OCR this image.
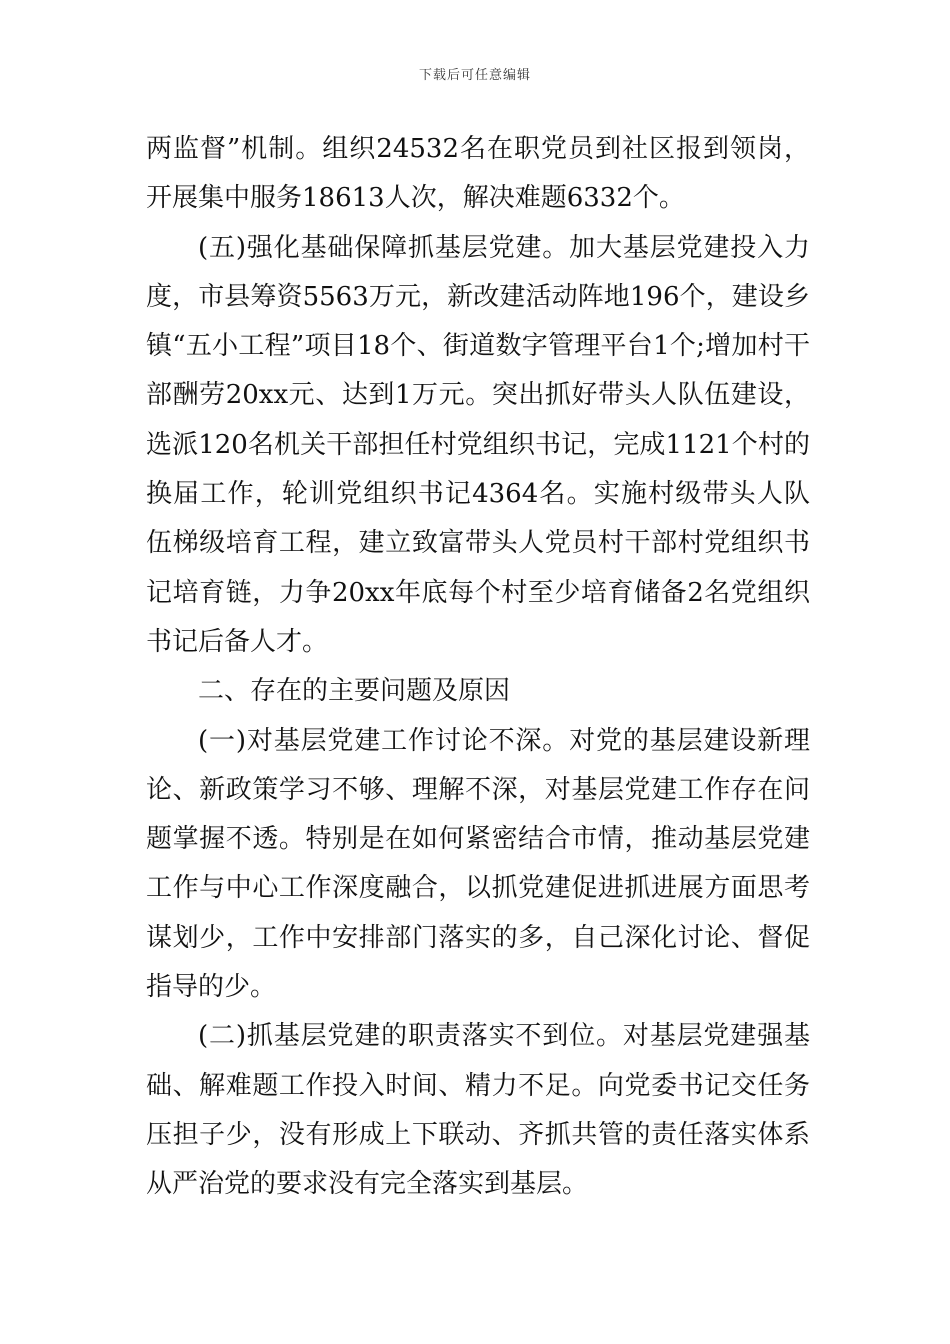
下载后可任意编辑

两监督”机制。组织24532名在职党员到社区报到领岗，开展集中服务18613人次，解决难题6332个。

(五)强化基础保障抓基层党建。加大基层党建投入力度，市县筹资5563万元，新改建活动阵地196个，建设乡镇“五小工程”项目18个、街道数字管理平台1个;增加村干部酬劳20xx元、达到1万元。突出抓好带头人队伍建设，选派120名机关干部担任村党组织书记，完成1121个村的换届工作，轮训党组织书记4364名。实施村级带头人队伍梯级培育工程，建立致富带头人党员村干部村党组织书记培育链，力争20xx年底每个村至少培育储备2名党组织书记后备人才。

二、存在的主要问题及原因

(一)对基层党建工作讨论不深。对党的基层建设新理论、新政策学习不够、理解不深，对基层党建工作存在问题掌握不透。特别是在如何紧密结合市情，推动基层党建工作与中心工作深度融合，以抓党建促进抓进展方面思考谋划少，工作中安排部门落实的多，自己深化讨论、督促指导的少。

(二)抓基层党建的职责落实不到位。对基层党建强基础、解难题工作投入时间、精力不足。向党委书记交任务压担子少，没有形成上下联动、齐抓共管的责任落实体系从严治党的要求没有完全落实到基层。
